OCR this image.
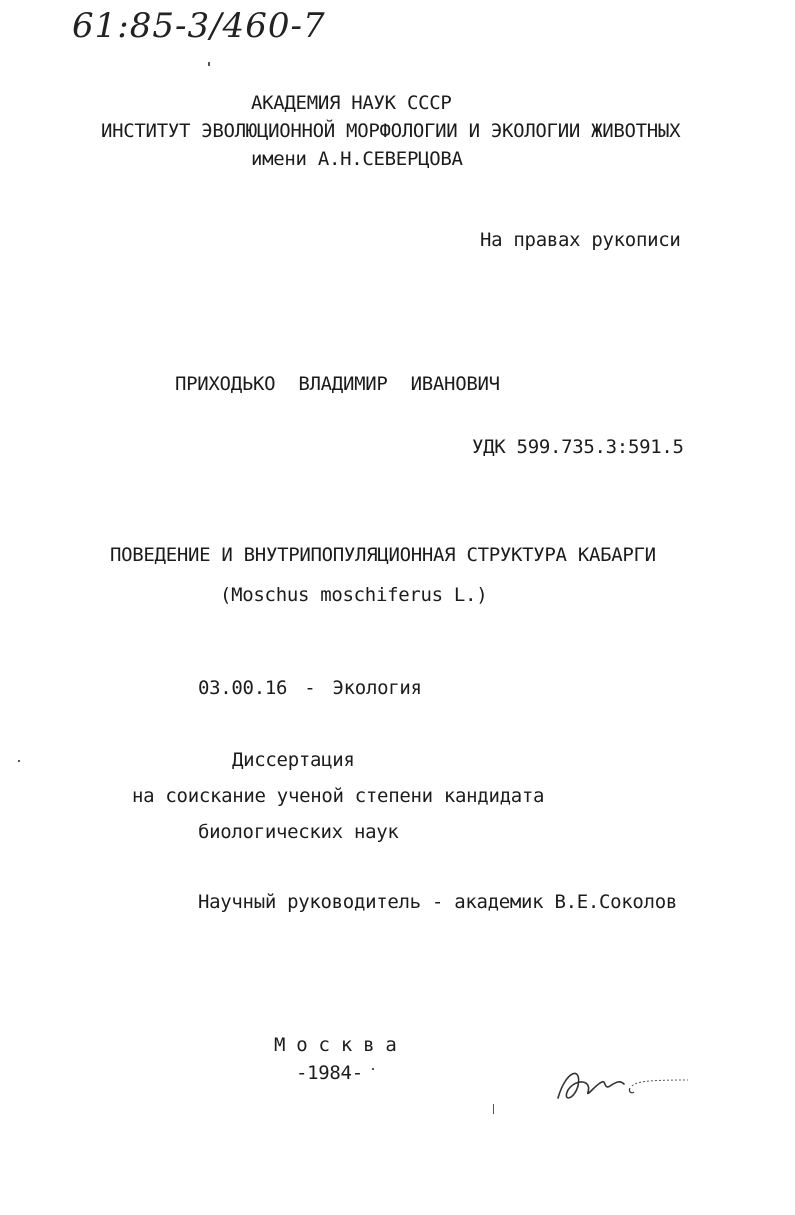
61:85-3/460-7
АКАДЕМИЯ НАУК СССР
ИНСТИТУТ ЭВОЛЮЦИОННОЙ МОРФОЛОГИИ И ЭКОЛОГИИ ЖИВОТНЫХ
имени А.Н.СЕВЕРЦОВА
На правах рукописи
ПРИХОДЬКО ВЛАДИМИР ИВАНОВИЧ
УДК 599.735.3:591.5
ПОВЕДЕНИЕ И ВНУТРИПОПУЛЯЦИОННАЯ СТРУКТУРА КАБАРГИ
(Moschus moschiferus L.)
03.00.16 - Экология
Диссертация
на соискание ученой степени кандидата
биологических наук
Научный руководитель - академик В.Е.Соколов
М о с к в а
-1984-
